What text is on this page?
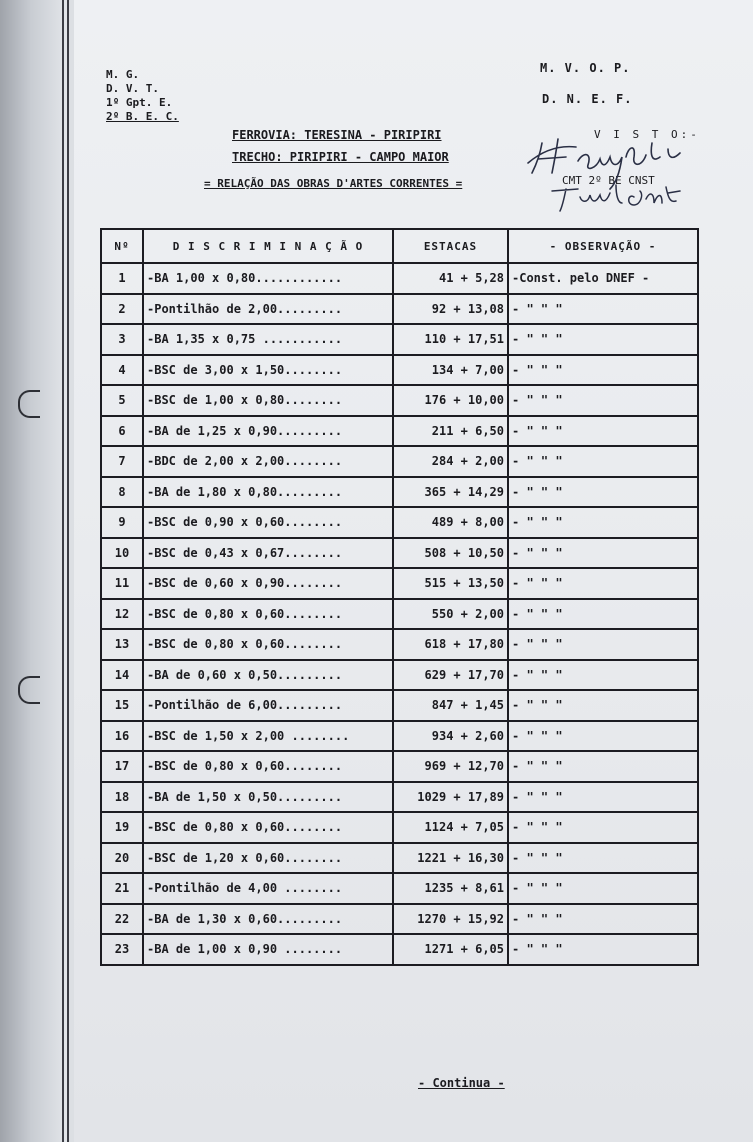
M. G.
D. V. T.
1º Gpt. E.
2º B. E. C.
M. V. O. P.
D. N. E. F.
FERROVIA: TERESINA - PIRIPIRI
TRECHO: PIRIPIRI - CAMPO MAIOR
= RELAÇÃO DAS OBRAS D'ARTES CORRENTES =
V I S T O:-
CMT 2º BE CNST
Nº	D I S C R I M I N A Ç Ã O	ESTACAS	- OBSERVAÇÃO -
1	-BA 1,00 x 0,80............	41 + 5,28	-Const. pelo DNEF -
2	-Pontilhão de 2,00.........	92 + 13,08	- " " "
3	-BA 1,35 x 0,75 ...........	110 + 17,51	- " " "
4	-BSC de 3,00 x 1,50........	134 + 7,00	- " " "
5	-BSC de 1,00 x 0,80........	176 + 10,00	- " " "
6	-BA de 1,25 x 0,90.........	211 + 6,50	- " " "
7	-BDC de 2,00 x 2,00........	284 + 2,00	- " " "
8	-BA de 1,80 x 0,80.........	365 + 14,29	- " " "
9	-BSC de 0,90 x 0,60........	489 + 8,00	- " " "
10	-BSC de 0,43 x 0,67........	508 + 10,50	- " " "
11	-BSC de 0,60 x 0,90........	515 + 13,50	- " " "
12	-BSC de 0,80 x 0,60........	550 + 2,00	- " " "
13	-BSC de 0,80 x 0,60........	618 + 17,80	- " " "
14	-BA de 0,60 x 0,50.........	629 + 17,70	- " " "
15	-Pontilhão de 6,00.........	847 + 1,45	- " " "
16	-BSC de 1,50 x 2,00 ........	934 + 2,60	- " " "
17	-BSC de 0,80 x 0,60........	969 + 12,70	- " " "
18	-BA de 1,50 x 0,50.........	1029 + 17,89	- " " "
19	-BSC de 0,80 x 0,60........	1124 + 7,05	- " " "
20	-BSC de 1,20 x 0,60........	1221 + 16,30	- " " "
21	-Pontilhão de 4,00 ........	1235 + 8,61	- " " "
22	-BA de 1,30 x 0,60.........	1270 + 15,92	- " " "
23	-BA de 1,00 x 0,90 ........	1271 + 6,05	- " " "
- Continua -
